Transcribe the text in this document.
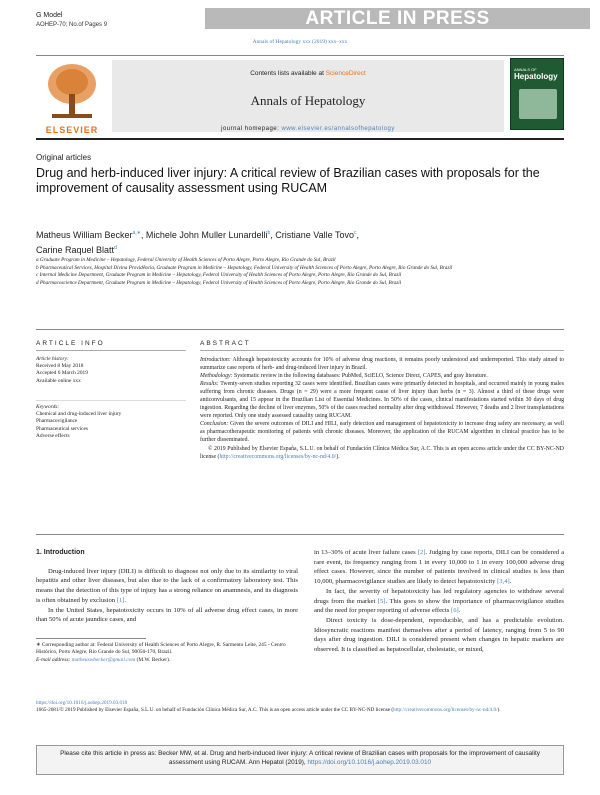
G Model
AOHEP-70; No.of Pages 9	ARTICLE IN PRESS
Annals of Hepatology xxx (2019) xxx–xxx
ELSEVIER
Contents lists available at ScienceDirect
Annals of Hepatology
journal homepage: www.elsevier.es/annalsofhepatology
ANNALS OF
Hepatology
Original articles
Drug and herb-induced liver injury: A critical review of Brazilian cases with proposals for the improvement of causality assessment using RUCAM
Matheus William Becker$^{a,∗}$, Michele John Muller Lunardelli$^b$, Cristiane Valle Tovo$^c$,
Carine Raquel Blatt$^d$

a Graduate Program in Medicine – Hepatology, Federal University of Health Sciences of Porto Alegre, Porto Alegre, Rio Grande do Sul, Brazil

b Pharmaceutical Services, Hospital Divina Providência, Graduate Program in Medicine – Hepatology, Federal University of Health Sciences of Porto Alegre, Porto Alegre, Rio Grande do Sul, Brazil

c Internal Medicine Department, Graduate Program in Medicine – Hepatology, Federal University of Health Sciences of Porto Alegre, Porto Alegre, Rio Grande do Sul, Brazil

d Pharmacoscience Department, Graduate Program in Medicine – Hepatology, Federal University of Health Sciences of Porto Alegre, Porto Alegre, Rio Grande do Sul, Brazil

ARTICLE INFO	ABSTRACT
Article history:
Received 8 May 2018
Accepted 6 March 2019
Available online xxx
Keywords:
Chemical and drug-induced liver injury
Pharmacovigilance
Pharmaceutical services
Adverse effects

Introduction: Although hepatotoxicity accounts for 10% of adverse drug reactions, it remains poorly understood and underreported. This study aimed to summarize case reports of herb- and drug-induced liver injury in Brazil.

Methodology: Systematic review in the following databases: PubMed, SciELO, Science Direct, CAPES, and gray literature.

Results: Twenty-seven studies reporting 32 cases were identified. Brazilian cases were primarily detected in hospitals, and occurred mainly in young males suffering from chronic diseases. Drugs (n = 29) were a more frequent cause of liver injury than herbs (n = 3). Almost a third of these drugs were anticonvulsants, and 15 appear in the Brazilian List of Essential Medicines. In 50% of the cases, clinical manifestations started within 30 days of drug ingestion. Regarding the decline of liver enzymes, 50% of the cases reached normality after drug withdrawal. However, 7 deaths and 2 liver transplantations were reported. Only one study assessed causality using RUCAM.

Conclusion: Given the severe outcomes of DILI and HILI, early detection and management of hepatotoxicity to increase drug safety are necessary, as well as pharmacotherapeutic monitoring of patients with chronic diseases. Moreover, the application of the RUCAM algorithm in clinical practice has to be further disseminated.

© 2019 Published by Elsevier España, S.L.U. on behalf of Fundación Clínica Médica Sur, A.C. This is an open access article under the CC BY-NC-ND license (http://creativecommons.org/licenses/by-nc-nd/4.0/).

1. Introduction

Drug-induced liver injury (DILI) is difficult to diagnose not only due to its similarity to viral hepatitis and other liver diseases, but also due to the lack of a confirmatory laboratory test. This means that the detection of this type of injury has a strong reliance on anamnesis, and its diagnosis is often obtained by exclusion [1].

In the United States, hepatotoxicity occurs in 10% of all adverse drug effect cases, in more than 50% of acute jaundice cases, and

in 13–30% of acute liver failure cases [2]. Judging by case reports, DILI can be considered a rare event, its frequency ranging from 1 in every 10,000 to 1 in every 100,000 adverse drug effect cases. However, since the number of patients involved in clinical studies is less than 10,000, pharmacovigilance studies are likely to detect hepatotoxicity [3,4].

In fact, the severity of hepatotoxicity has led regulatory agencies to withdraw several drugs from the market [5]. This goes to show the importance of pharmacovigilance studies and the need for proper reporting of adverse effects [6].

Direct toxicity is dose-dependent, reproducible, and has a predictable evolution. Idiosyncratic reactions manifest themselves after a period of latency, ranging from 5 to 90 days after drug ingestion. DILI is considered present when changes in hepatic markers are observed. It is classified as hepatocellular, cholestatic, or mixed,

∗ Corresponding author at: Federal University of Health Sciences of Porto Alegre, R. Sarmento Leite, 245 - Centro Histórico, Porto Alegre, Rio Grande do Sul, 90050-170, Brazil.
E-mail address: matheuswbecker@gmail.com (M.W. Becker).
https://doi.org/10.1016/j.aohep.2019.03.010
1665-2681/© 2019 Published by Elsevier España, S.L.U. on behalf of Fundación Clínica Médica Sur, A.C. This is an open access article under the CC BY-NC-ND license (http://creativecommons.org/licenses/by-nc-nd/4.0/).
Please cite this article in press as: Becker MW, et al. Drug and herb-induced liver injury: A critical review of Brazilian cases with proposals for the improvement of causality assessment using RUCAM. Ann Hepatol (2019), https://doi.org/10.1016/j.aohep.2019.03.010
